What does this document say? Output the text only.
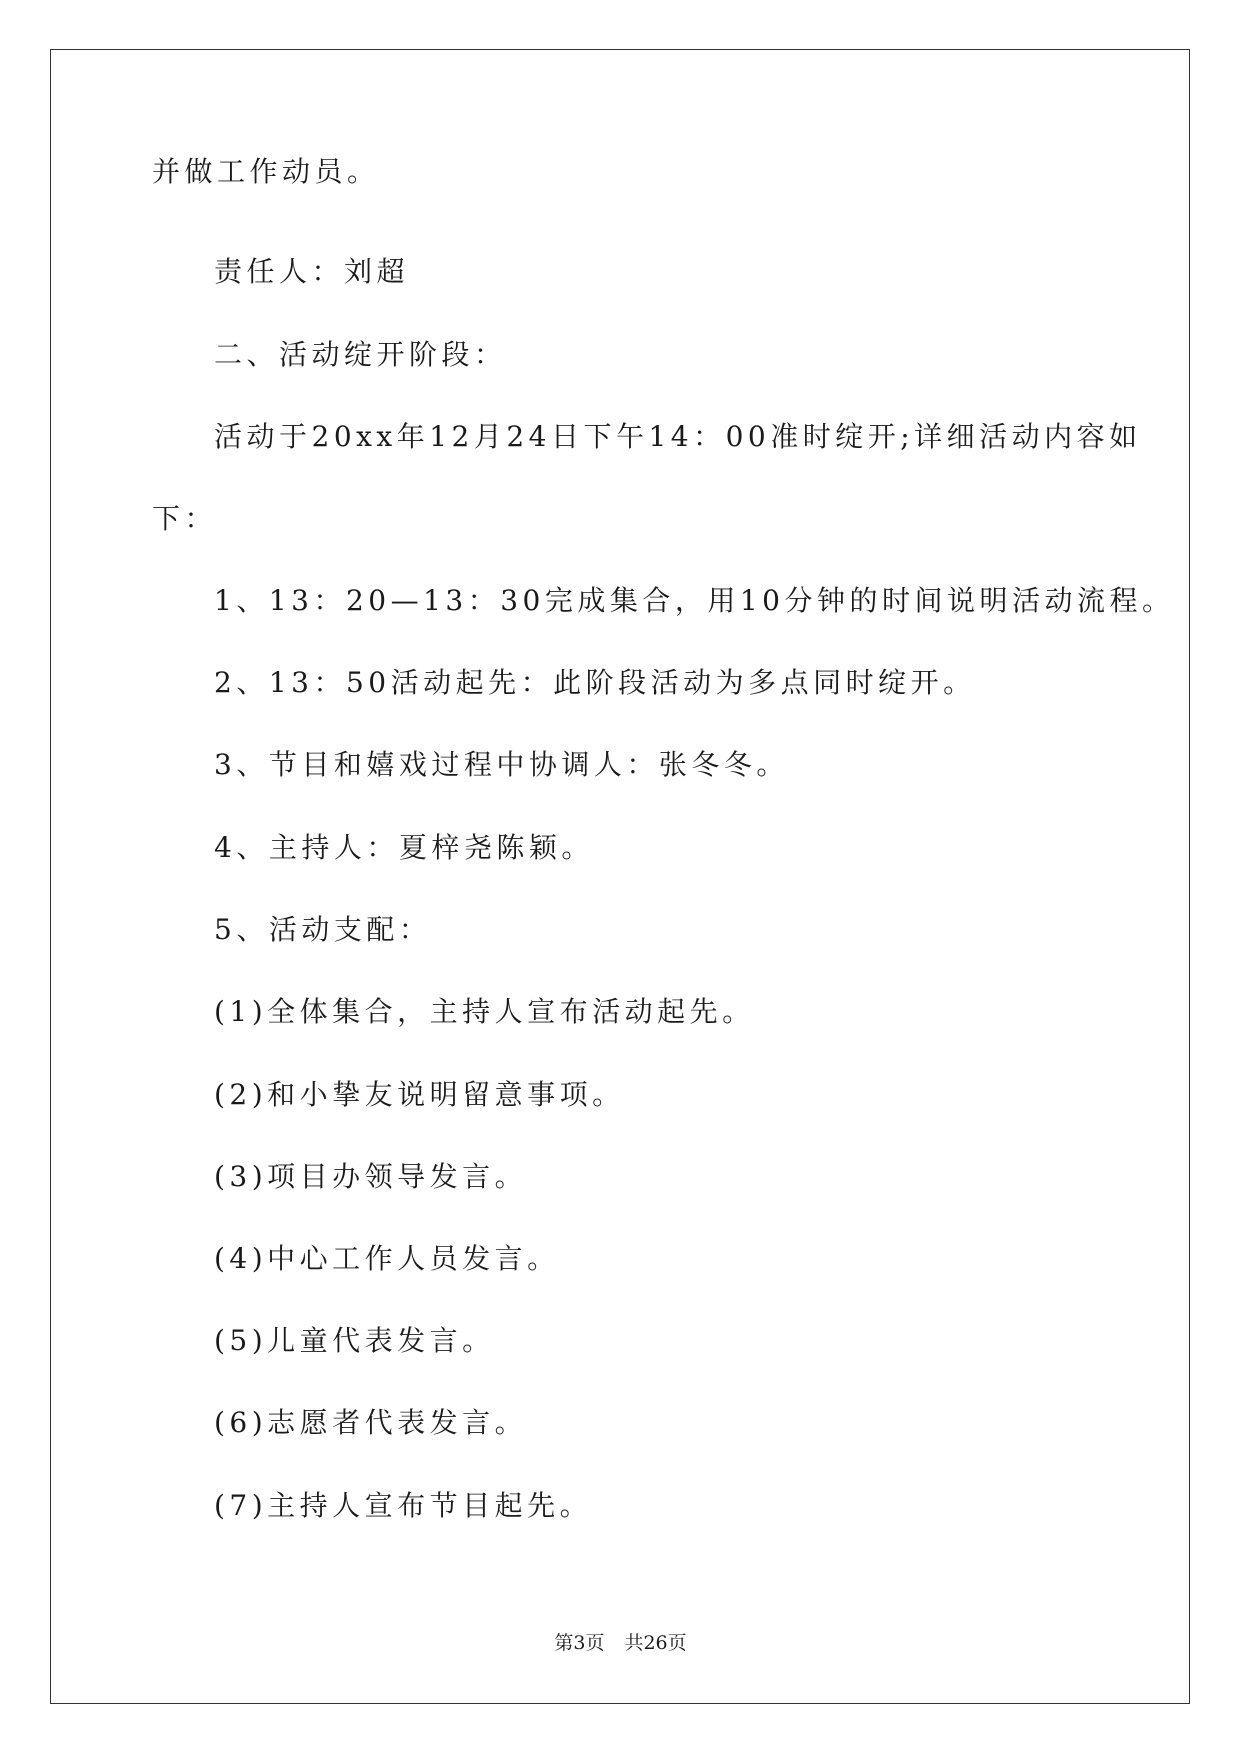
并做工作动员。
责任人：刘超
二、活动绽开阶段：
活动于20xx年12月24日下午14：00准时绽开;详细活动内容如
下：
1、13：20—13：30完成集合，用10分钟的时间说明活动流程。
2、13：50活动起先：此阶段活动为多点同时绽开。
3、节目和嬉戏过程中协调人：张冬冬。
4、主持人：夏梓尧陈颖。
5、活动支配：
(1)全体集合，主持人宣布活动起先。
(2)和小挚友说明留意事项。
(3)项目办领导发言。
(4)中心工作人员发言。
(5)儿童代表发言。
(6)志愿者代表发言。
(7)主持人宣布节目起先。
第3页 共26页
